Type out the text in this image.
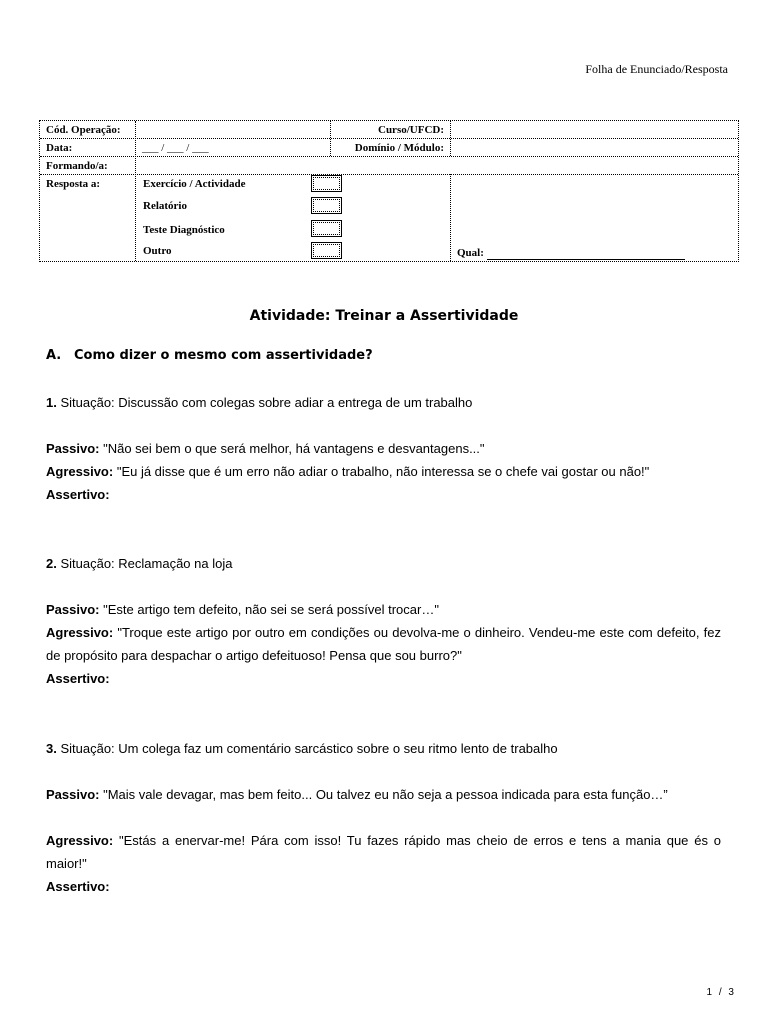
Folha de Enunciado/Resposta
Cód. Operação:	Curso/UFCD:
Data:	___ / ___ / ___	Domínio / Módulo:
Formando/a:
Resposta a:	Exercício / Actividade
Relatório
Teste Diagnóstico
Outro	Qual:
Atividade: Treinar a Assertividade
A. Como dizer o mesmo com assertividade?
1. Situação: Discussão com colegas sobre adiar a entrega de um trabalho
Passivo: "Não sei bem o que será melhor, há vantagens e desvantagens..."
Agressivo: "Eu já disse que é um erro não adiar o trabalho, não interessa se o chefe vai gostar ou não!"
Assertivo:
2. Situação: Reclamação na loja
Passivo: "Este artigo tem defeito, não sei se será possível trocar…"
Agressivo: "Troque este artigo por outro em condições ou devolva-me o dinheiro. Vendeu-me este com defeito, fez de propósito para despachar o artigo defeituoso! Pensa que sou burro?"
Assertivo:
3. Situação: Um colega faz um comentário sarcástico sobre o seu ritmo lento de trabalho
Passivo: "Mais vale devagar, mas bem feito... Ou talvez eu não seja a pessoa indicada para esta função…”
Agressivo: "Estás a enervar-me! Pára com isso! Tu fazes rápido mas cheio de erros e tens a mania que és o maior!"
Assertivo:
1 / 3
